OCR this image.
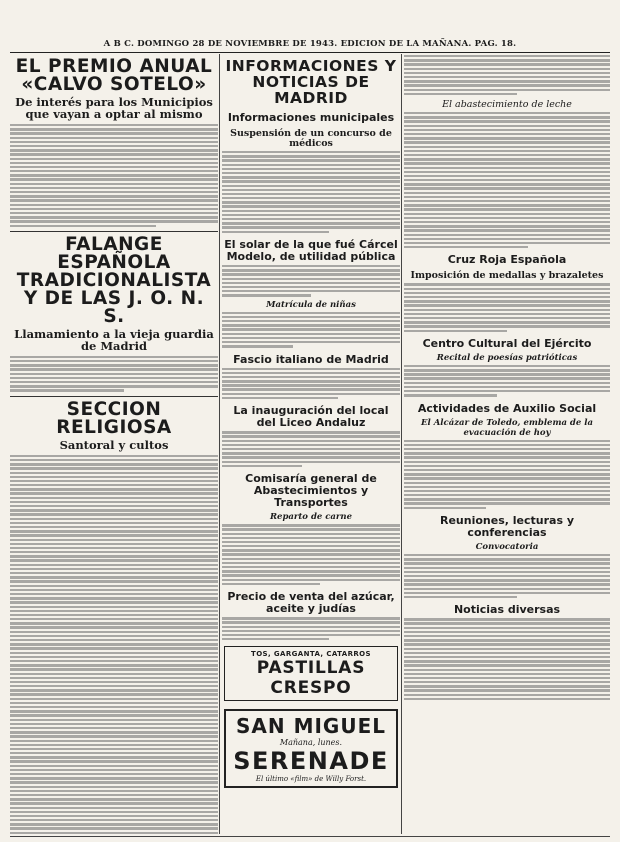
A B C. DOMINGO 28 DE NOVIEMBRE DE 1943. EDICION DE LA MAÑANA. PAG. 18.
EL PREMIO ANUAL «CALVO SOTELO»
De interés para los Municipios que vayan a optar al mismo
FALANGE ESPAÑOLA TRADICIONALISTA Y DE LAS J. O. N. S.
Llamamiento a la vieja guardia de Madrid
SECCION RELIGIOSA
Santoral y cultos
INFORMACIONES Y NOTICIAS DE MADRID
Informaciones municipales
Suspensión de un concurso de médicos
El solar de la que fué Cárcel Modelo, de utilidad pública
Matrícula de niñas
Fascio italiano de Madrid
La inauguración del local del Liceo Andaluz
Comisaría general de Abastecimientos y Transportes
Reparto de carne
Precio de venta del azúcar, aceite y judías
TOS, GARGANTA, CATARROS
PASTILLAS CRESPO
SAN MIGUEL
Mañana, lunes.
SERENADE
El último «film» de Willy Forst.
El abastecimiento de leche
Cruz Roja Española
Imposición de medallas y brazaletes
Centro Cultural del Ejército
Recital de poesías patrióticas
Actividades de Auxilio Social
El Alcázar de Toledo, emblema de la evacuación de hoy
Reuniones, lecturas y conferencias
Convocatoria
Noticias diversas
